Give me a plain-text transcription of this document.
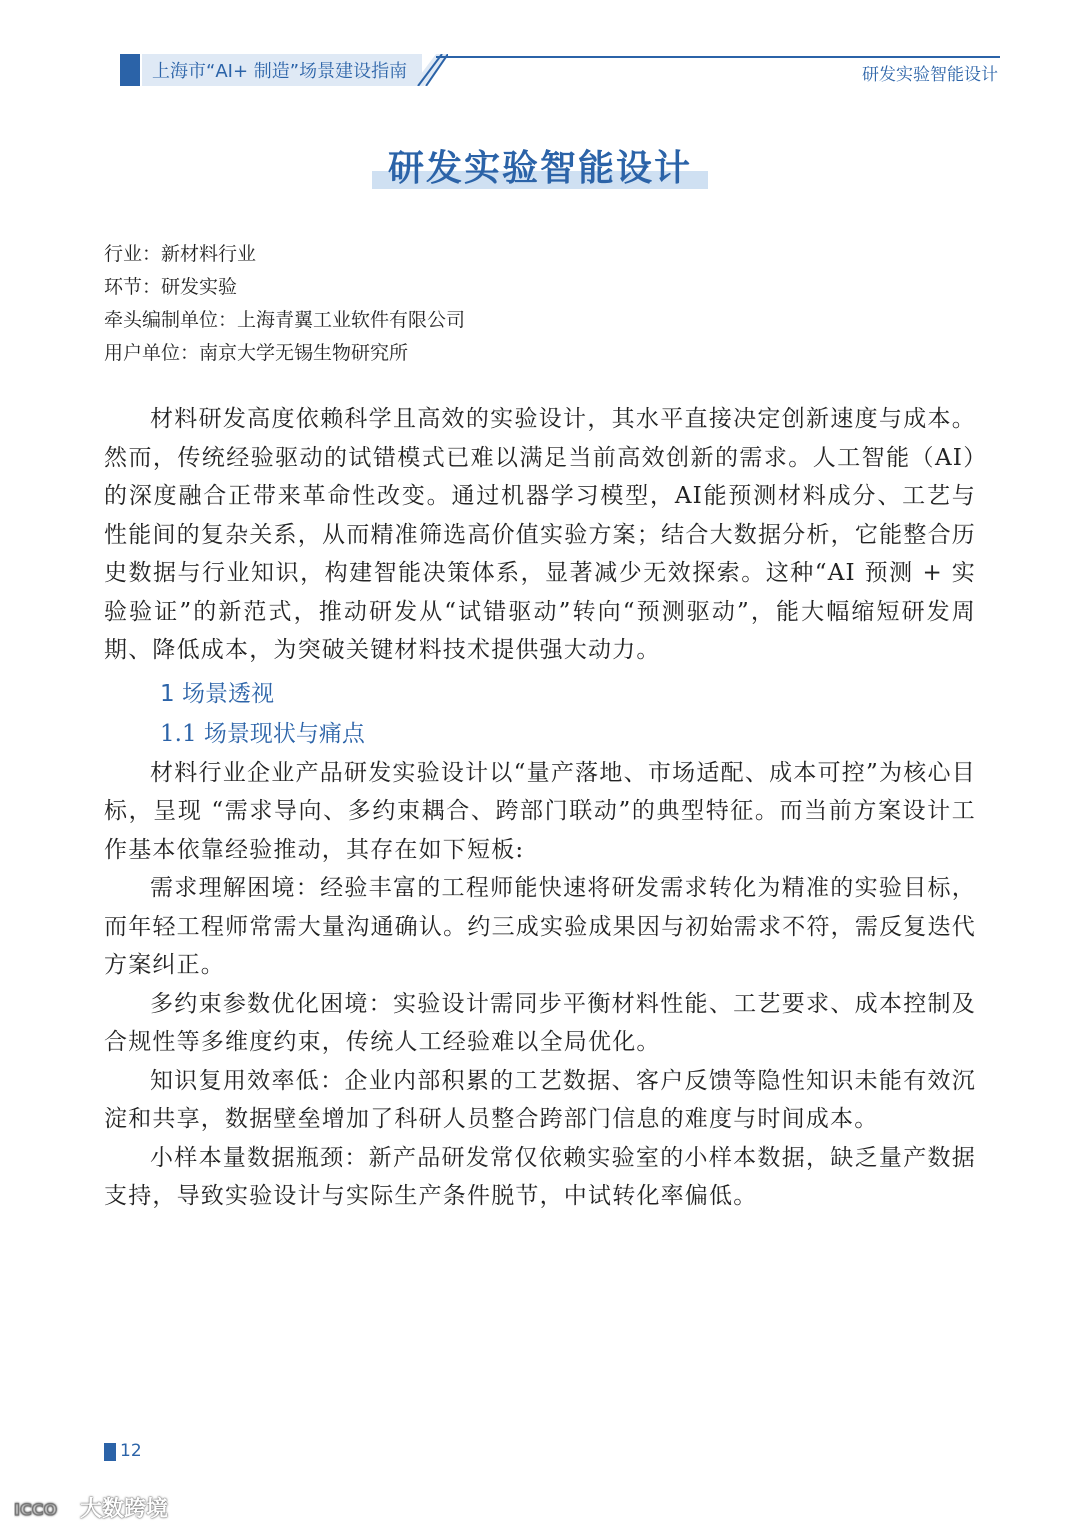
上海市“AI+ 制造”场景建设指南	研发实验智能设计
研发实验智能设计
行业：新材料行业
环节：研发实验
牵头编制单位：上海青翼工业软件有限公司
用户单位：南京大学无锡生物研究所

材料研发高度依赖科学且高效的实验设计，其水平直接决定创新速度与成本。然而，传统经验驱动的试错模式已难以满足当前高效创新的需求。人工智能（AI）的深度融合正带来革命性改变。通过机器学习模型，AI能预测材料成分、工艺与性能间的复杂关系，从而精准筛选高价值实验方案；结合大数据分析，它能整合历史数据与行业知识，构建智能决策体系，显著减少无效探索。这种“AI 预测 + 实验验证”的新范式，推动研发从“试错驱动”转向“预测驱动”，能大幅缩短研发周期、降低成本，为突破关键材料技术提供强大动力。

1 场景透视
1.1 场景现状与痛点

材料行业企业产品研发实验设计以“量产落地、市场适配、成本可控”为核心目标，呈现 “需求导向、多约束耦合、跨部门联动”的典型特征。而当前方案设计工作基本依靠经验推动，其存在如下短板:

需求理解困境：经验丰富的工程师能快速将研发需求转化为精准的实验目标，而年轻工程师常需大量沟通确认。约三成实验成果因与初始需求不符，需反复迭代方案纠正。

多约束参数优化困境：实验设计需同步平衡材料性能、工艺要求、成本控制及合规性等多维度约束，传统人工经验难以全局优化。

知识复用效率低：企业内部积累的工艺数据、客户反馈等隐性知识未能有效沉淀和共享，数据壁垒增加了科研人员整合跨部门信息的难度与时间成本。

小样本量数据瓶颈：新产品研发常仅依赖实验室的小样本数据，缺乏量产数据支持，导致实验设计与实际生产条件脱节，中试转化率偏低。

12
ICCO 大数跨境
